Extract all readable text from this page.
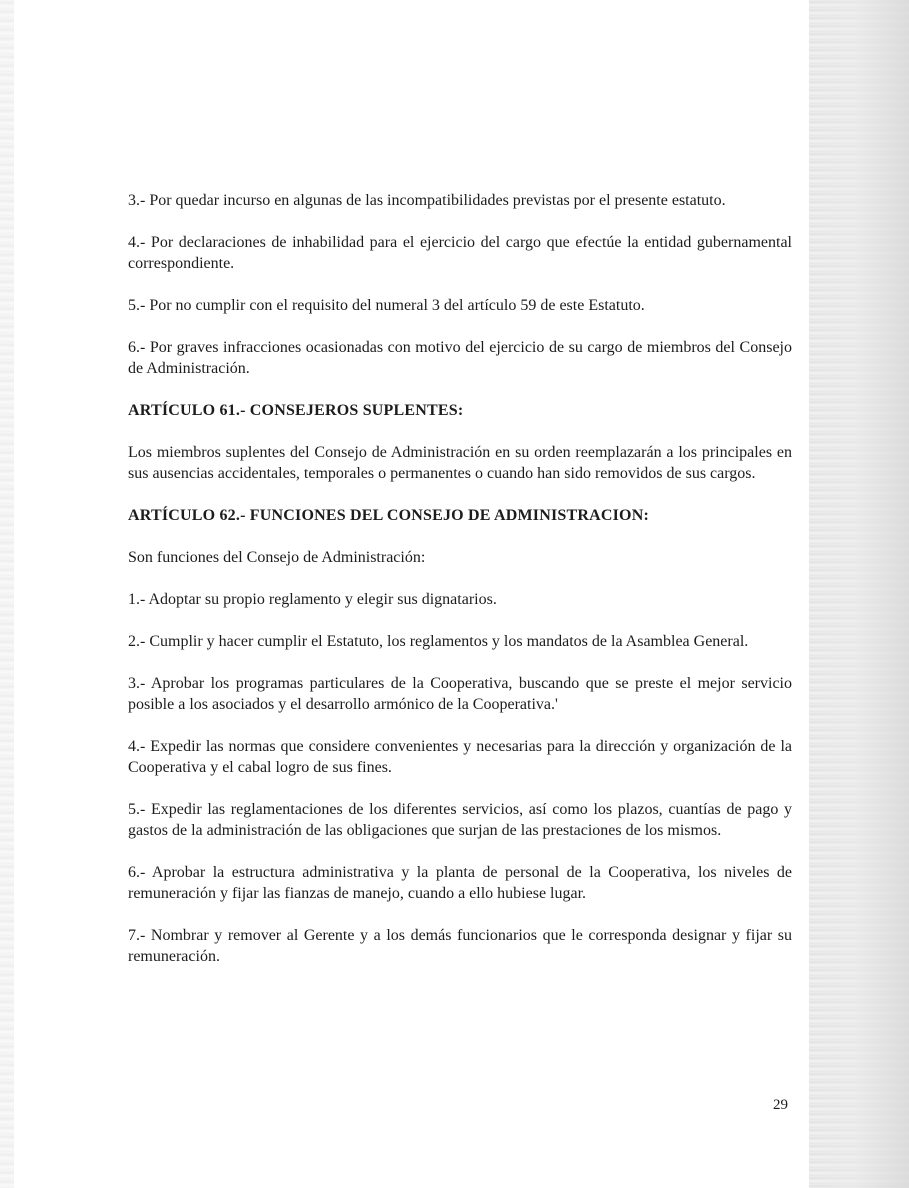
3.- Por quedar incurso en algunas de las incompatibilidades previstas por el presente estatuto.

4.- Por declaraciones de inhabilidad para el ejercicio del cargo que efectúe la entidad gubernamental correspondiente.

5.- Por no cumplir con el requisito del numeral 3 del artículo 59 de este Estatuto.

6.- Por graves infracciones ocasionadas con motivo del ejercicio de su cargo de miembros del Consejo de Administración.

ARTÍCULO 61.- CONSEJEROS SUPLENTES:

Los miembros suplentes del Consejo de Administración en su orden reemplazarán a los principales en sus ausencias accidentales, temporales o permanentes o cuando han sido removidos de sus cargos.

ARTÍCULO 62.- FUNCIONES DEL CONSEJO DE ADMINISTRACION:

Son funciones del Consejo de Administración:

1.- Adoptar su propio reglamento y elegir sus dignatarios.

2.- Cumplir y hacer cumplir el Estatuto, los reglamentos y los mandatos de la Asamblea General.

3.- Aprobar los programas particulares de la Cooperativa, buscando que se preste el mejor servicio posible a los asociados y el desarrollo armónico de la Cooperativa.'

4.- Expedir las normas que considere convenientes y necesarias para la dirección y organización de la Cooperativa y el cabal logro de sus fines.

5.- Expedir las reglamentaciones de los diferentes servicios, así como los plazos, cuantías de pago y gastos de la administración de las obligaciones que surjan de las prestaciones de los mismos.

6.- Aprobar la estructura administrativa y la planta de personal de la Cooperativa, los niveles de remuneración y fijar las fianzas de manejo, cuando a ello hubiese lugar.

7.- Nombrar y remover al Gerente y a los demás funcionarios que le corresponda designar y fijar su remuneración.

29
